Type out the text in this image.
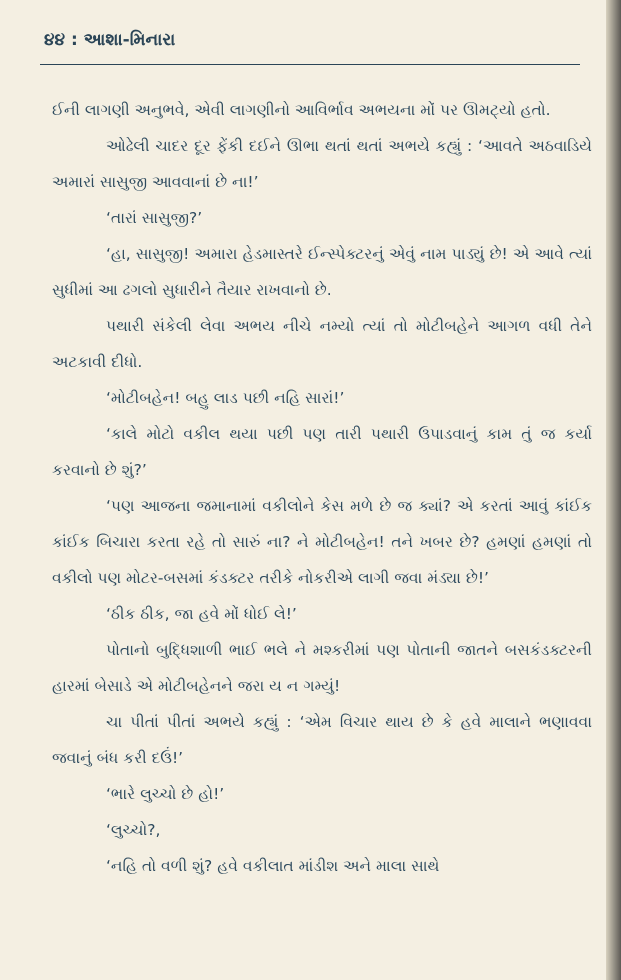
૪૪ : આશા-મિનારા

ઈની લાગણી અનુભવે, એવી લાગણીનો આવિર્ભાવ અભયના મોં પર ઊમટ્યો હતો.

ઓઢેલી ચાદર દૂર ફેંકી દઈને ઊભા થતાં થતાં અભયે કહ્યું : ‘આવતે અઠવાડિયે અમારાં સાસુજી આવવાનાં છે ના!’

‘તારાં સાસુજી?’

‘હા, સાસુજી! અમારા હેડમાસ્તરે ઈન્સ્પેક્ટરનું એવું નામ પાડ્યું છે! એ આવે ત્યાં સુધીમાં આ ઢગલો સુધારીને તૈયાર રાખવાનો છે.

પથારી સંકેલી લેવા અભય નીચે નમ્યો ત્યાં તો મોટીબહેને આગળ વધી તેને અટકાવી દીધો.

‘મોટીબહેન! બહુ લાડ પછી નહિ સારાં!’

‘કાલે મોટો વકીલ થયા પછી પણ તારી પથારી ઉપાડવાનું કામ તું જ કર્યા કરવાનો છે શું?’

‘પણ આજના જમાનામાં વકીલોને કેસ મળે છે જ ક્યાં? એ કરતાં આવું કાંઈક કાંઈક બિચારા કરતા રહે તો સારું ના? ને મોટીબહેન! તને ખબર છે? હમણાં હમણાં તો વકીલો પણ મોટર-બસમાં કંડક્ટર તરીકે નોકરીએ લાગી જવા મંડ્યા છે!’

‘ઠીક ઠીક, જા હવે મોં ધોઈ લે!’

પોતાનો બુદ્ધિશાળી ભાઈ ભલે ને મશ્કરીમાં પણ પોતાની જાતને બસકંડક્ટરની હારમાં બેસાડે એ મોટીબહેનને જરા ય ન ગમ્યું!

ચા પીતાં પીતાં અભયે કહ્યું : ‘એમ વિચાર થાય છે કે હવે માલાને ભણાવવા જવાનું બંધ કરી દઉં!’

‘ભારે લુચ્ચો છે હો!’

‘લુચ્ચો?,

‘નહિ તો વળી શું? હવે વકીલાત માંડીશ અને માલા સાથે
